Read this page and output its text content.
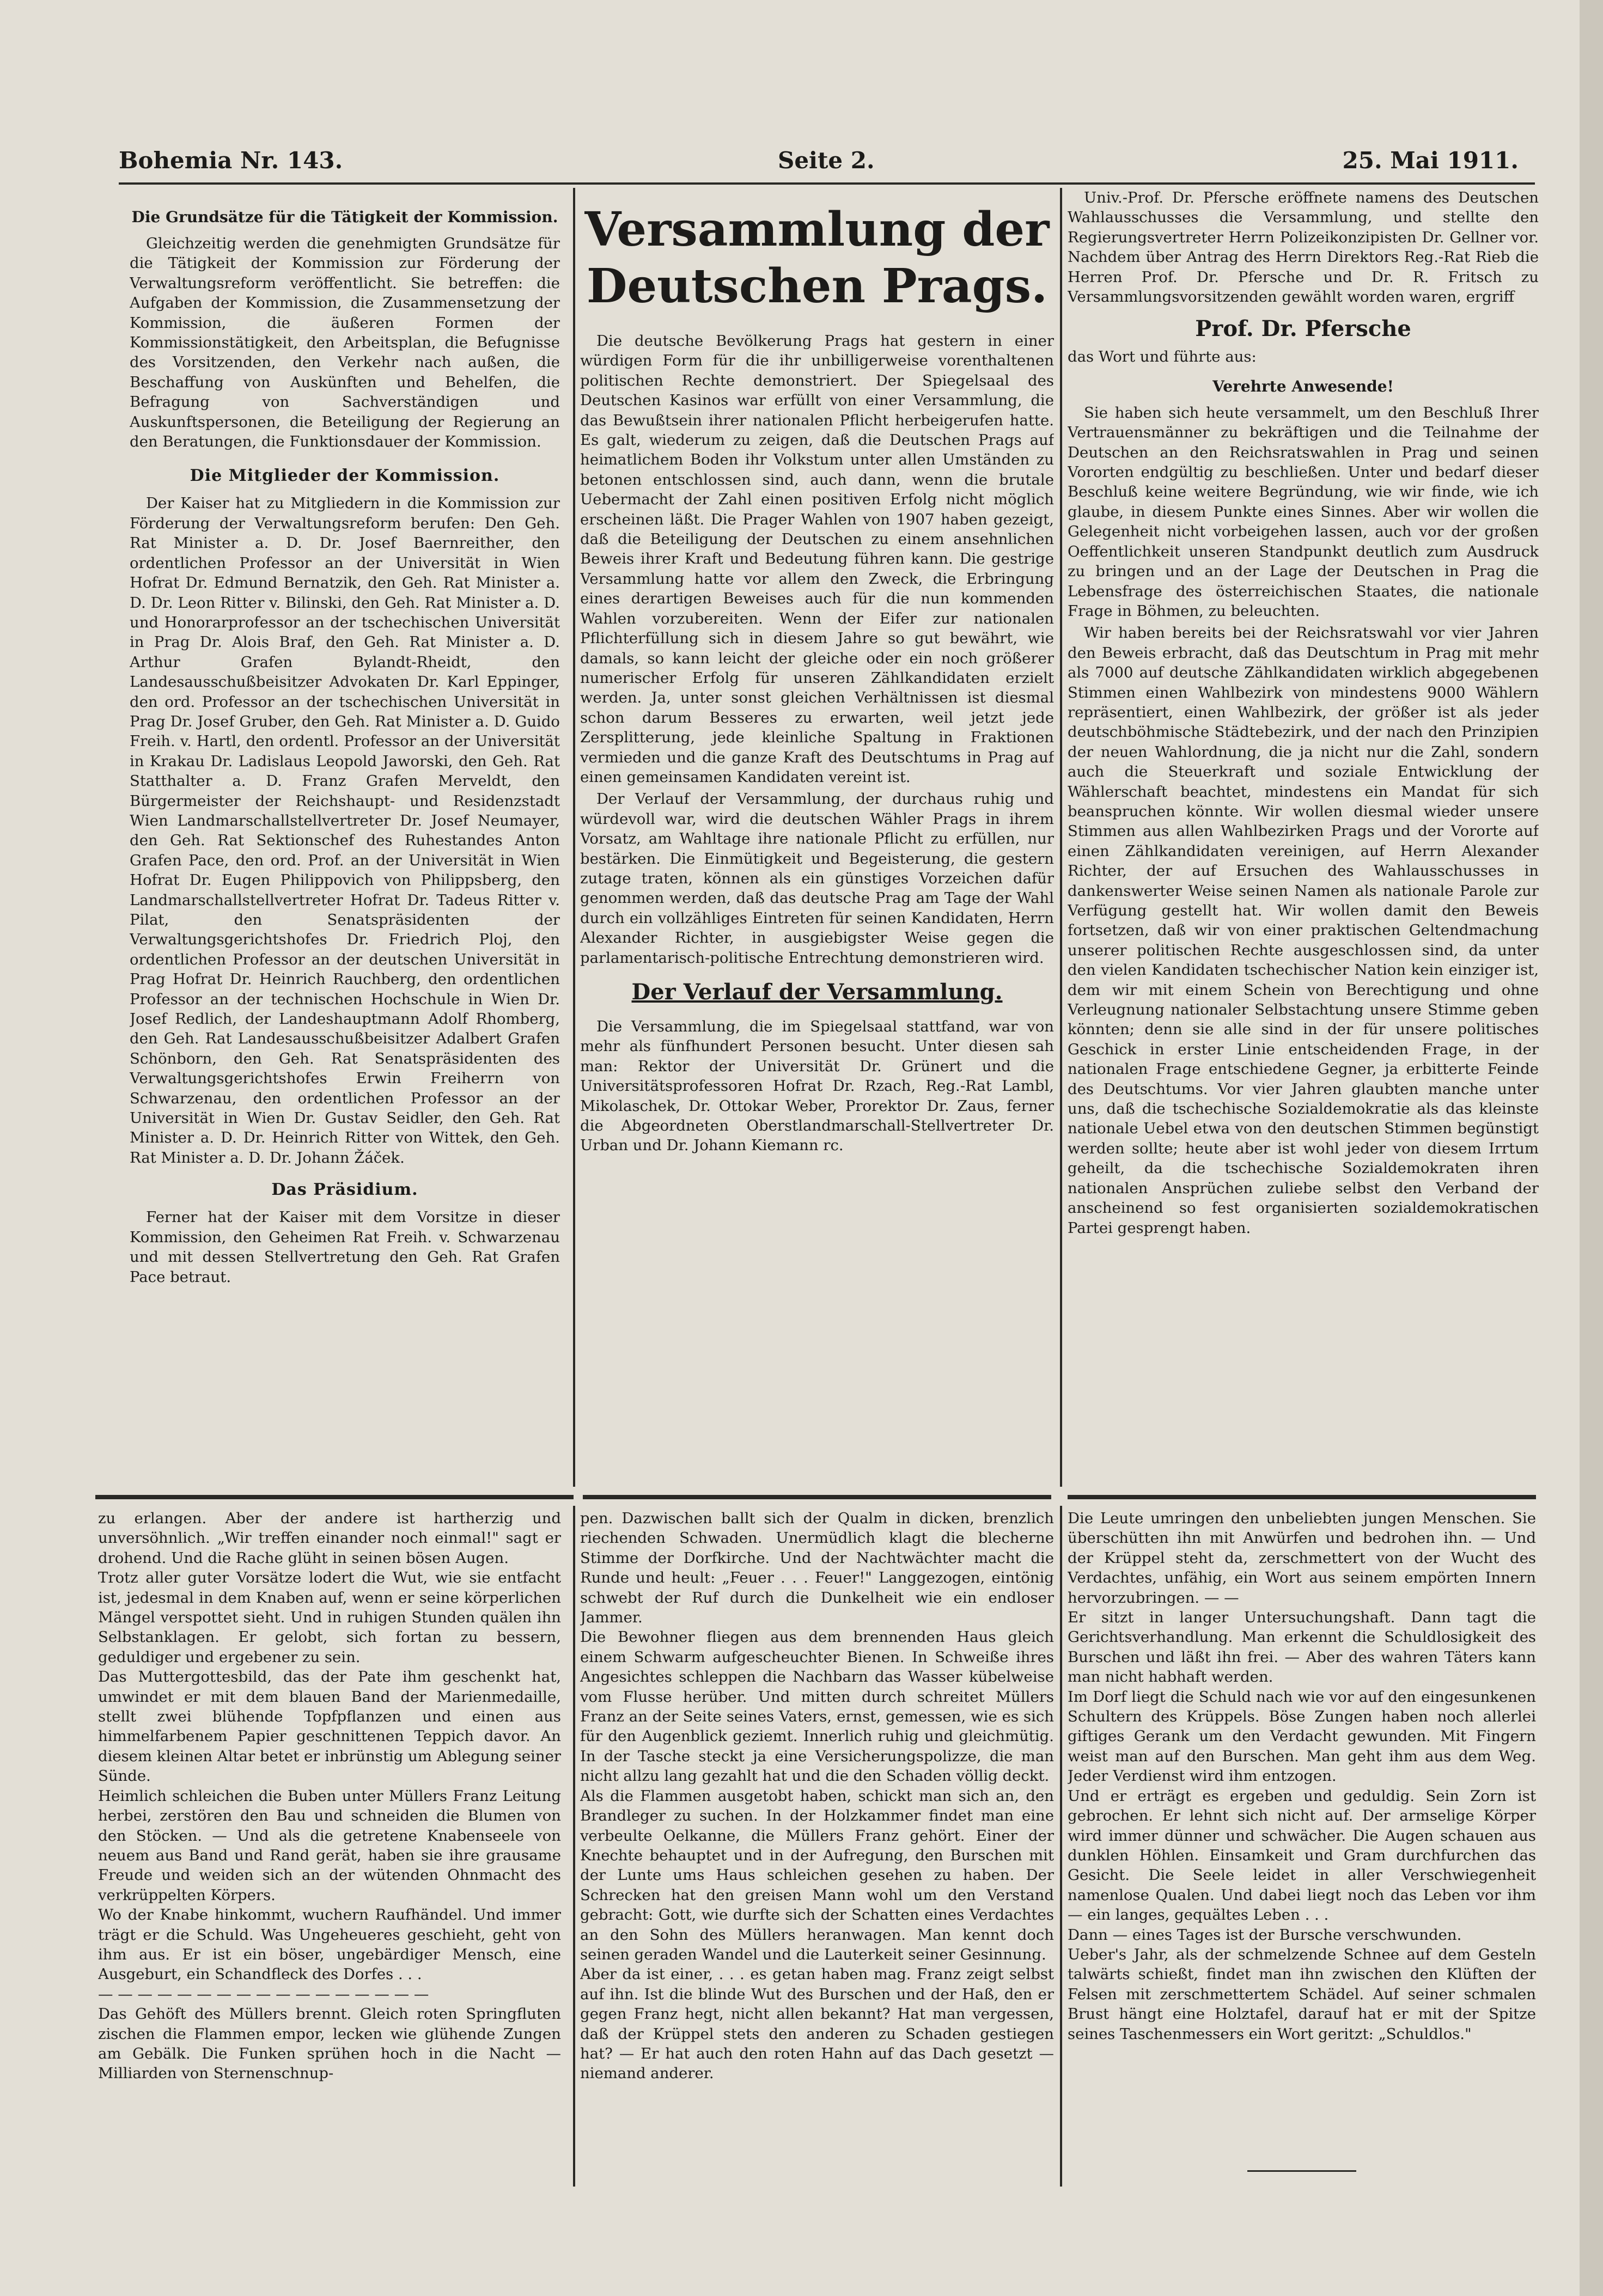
Bohemia Nr. 143.	Seite 2.	25. Mai 1911.
Die Grundsätze für die Tätigkeit der Kommission.

Gleichzeitig werden die genehmigten Grundsätze für die Tätigkeit der Kommission zur Förderung der Verwaltungsreform veröffentlicht. Sie betreffen: die Aufgaben der Kommission, die Zusammensetzung der Kommission, die äußeren Formen der Kommissionstätigkeit, den Arbeitsplan, die Befugnisse des Vorsitzenden, den Verkehr nach außen, die Beschaffung von Auskünften und Behelfen, die Befragung von Sachverständigen und Auskunftspersonen, die Beteiligung der Regierung an den Beratungen, die Funktionsdauer der Kommission.

Die Mitglieder der Kommission.

Der Kaiser hat zu Mitgliedern in die Kommission zur Förderung der Verwaltungsreform berufen: Den Geh. Rat Minister a. D. Dr. Josef Baernreither, den ordentlichen Professor an der Universität in Wien Hofrat Dr. Edmund Bernatzik, den Geh. Rat Minister a. D. Dr. Leon Ritter v. Bilinski, den Geh. Rat Minister a. D. und Honorarprofessor an der tschechischen Universität in Prag Dr. Alois Braf, den Geh. Rat Minister a. D. Arthur Grafen Bylandt-Rheidt, den Landesausschußbeisitzer Advokaten Dr. Karl Eppinger, den ord. Professor an der tschechischen Universität in Prag Dr. Josef Gruber, den Geh. Rat Minister a. D. Guido Freih. v. Hartl, den ordentl. Professor an der Universität in Krakau Dr. Ladislaus Leopold Jaworski, den Geh. Rat Statthalter a. D. Franz Grafen Merveldt, den Bürgermeister der Reichshaupt- und Residenzstadt Wien Landmarschallstellvertreter Dr. Josef Neumayer, den Geh. Rat Sektionschef des Ruhestandes Anton Grafen Pace, den ord. Prof. an der Universität in Wien Hofrat Dr. Eugen Philippovich von Philippsberg, den Landmarschallstellvertreter Hofrat Dr. Tadeus Ritter v. Pilat, den Senatspräsidenten der Verwaltungsgerichtshofes Dr. Friedrich Ploj, den ordentlichen Professor an der deutschen Universität in Prag Hofrat Dr. Heinrich Rauchberg, den ordentlichen Professor an der technischen Hochschule in Wien Dr. Josef Redlich, der Landeshauptmann Adolf Rhomberg, den Geh. Rat Landesausschußbeisitzer Adalbert Grafen Schönborn, den Geh. Rat Senatspräsidenten des Verwaltungsgerichtshofes Erwin Freiherrn von Schwarzenau, den ordentlichen Professor an der Universität in Wien Dr. Gustav Seidler, den Geh. Rat Minister a. D. Dr. Heinrich Ritter von Wittek, den Geh. Rat Minister a. D. Dr. Johann Žáček.

Das Präsidium.

Ferner hat der Kaiser mit dem Vorsitze in dieser Kommission, den Geheimen Rat Freih. v. Schwarzenau und mit dessen Stellvertretung den Geh. Rat Grafen Pace betraut.

Versammlung der Deutschen Prags.

Die deutsche Bevölkerung Prags hat gestern in einer würdigen Form für die ihr unbilligerweise vorenthaltenen politischen Rechte demonstriert. Der Spiegelsaal des Deutschen Kasinos war erfüllt von einer Versammlung, die das Bewußtsein ihrer nationalen Pflicht herbeigerufen hatte. Es galt, wiederum zu zeigen, daß die Deutschen Prags auf heimatlichem Boden ihr Volkstum unter allen Umständen zu betonen entschlossen sind, auch dann, wenn die brutale Uebermacht der Zahl einen positiven Erfolg nicht möglich erscheinen läßt. Die Prager Wahlen von 1907 haben gezeigt, daß die Beteiligung der Deutschen zu einem ansehnlichen Beweis ihrer Kraft und Bedeutung führen kann. Die gestrige Versammlung hatte vor allem den Zweck, die Erbringung eines derartigen Beweises auch für die nun kommenden Wahlen vorzubereiten. Wenn der Eifer zur nationalen Pflichterfüllung sich in diesem Jahre so gut bewährt, wie damals, so kann leicht der gleiche oder ein noch größerer numerischer Erfolg für unseren Zählkandidaten erzielt werden. Ja, unter sonst gleichen Verhältnissen ist diesmal schon darum Besseres zu erwarten, weil jetzt jede Zersplitterung, jede kleinliche Spaltung in Fraktionen vermieden und die ganze Kraft des Deutschtums in Prag auf einen gemeinsamen Kandidaten vereint ist.

Der Verlauf der Versammlung, der durchaus ruhig und würdevoll war, wird die deutschen Wähler Prags in ihrem Vorsatz, am Wahltage ihre nationale Pflicht zu erfüllen, nur bestärken. Die Einmütigkeit und Begeisterung, die gestern zutage traten, können als ein günstiges Vorzeichen dafür genommen werden, daß das deutsche Prag am Tage der Wahl durch ein vollzähliges Eintreten für seinen Kandidaten, Herrn Alexander Richter, in ausgiebigster Weise gegen die parlamentarisch-politische Entrechtung demonstrieren wird.

Der Verlauf der Versammlung.

Die Versammlung, die im Spiegelsaal stattfand, war von mehr als fünfhundert Personen besucht. Unter diesen sah man: Rektor der Universität Dr. Grünert und die Universitätsprofessoren Hofrat Dr. Rzach, Reg.-Rat Lambl, Mikolaschek, Dr. Ottokar Weber, Prorektor Dr. Zaus, ferner die Abgeordneten Oberstlandmarschall-Stellvertreter Dr. Urban und Dr. Johann Kiemann rc.

Univ.-Prof. Dr. Pfersche eröffnete namens des Deutschen Wahlausschusses die Versammlung, und stellte den Regierungsvertreter Herrn Polizeikonzipisten Dr. Gellner vor. Nachdem über Antrag des Herrn Direktors Reg.-Rat Rieb die Herren Prof. Dr. Pfersche und Dr. R. Fritsch zu Versammlungsvorsitzenden gewählt worden waren, ergriff

Prof. Dr. Pfersche

das Wort und führte aus:

Verehrte Anwesende!

Sie haben sich heute versammelt, um den Beschluß Ihrer Vertrauensmänner zu bekräftigen und die Teilnahme der Deutschen an den Reichsratswahlen in Prag und seinen Vororten endgültig zu beschließen. Unter und bedarf dieser Beschluß keine weitere Begründung, wie wir finde, wie ich glaube, in diesem Punkte eines Sinnes. Aber wir wollen die Gelegenheit nicht vorbeigehen lassen, auch vor der großen Oeffentlichkeit unseren Standpunkt deutlich zum Ausdruck zu bringen und an der Lage der Deutschen in Prag die Lebensfrage des österreichischen Staates, die nationale Frage in Böhmen, zu beleuchten.

Wir haben bereits bei der Reichsratswahl vor vier Jahren den Beweis erbracht, daß das Deutschtum in Prag mit mehr als 7000 auf deutsche Zählkandidaten wirklich abgegebenen Stimmen einen Wahlbezirk von mindestens 9000 Wählern repräsentiert, einen Wahlbezirk, der größer ist als jeder deutschböhmische Städtebezirk, und der nach den Prinzipien der neuen Wahlordnung, die ja nicht nur die Zahl, sondern auch die Steuerkraft und soziale Entwicklung der Wählerschaft beachtet, mindestens ein Mandat für sich beanspruchen könnte. Wir wollen diesmal wieder unsere Stimmen aus allen Wahlbezirken Prags und der Vororte auf einen Zählkandidaten vereinigen, auf Herrn Alexander Richter, der auf Ersuchen des Wahlausschusses in dankenswerter Weise seinen Namen als nationale Parole zur Verfügung gestellt hat. Wir wollen damit den Beweis fortsetzen, daß wir von einer praktischen Geltendmachung unserer politischen Rechte ausgeschlossen sind, da unter den vielen Kandidaten tschechischer Nation kein einziger ist, dem wir mit einem Schein von Berechtigung und ohne Verleugnung nationaler Selbstachtung unsere Stimme geben könnten; denn sie alle sind in der für unsere politisches Geschick in erster Linie entscheidenden Frage, in der nationalen Frage entschiedene Gegner, ja erbitterte Feinde des Deutschtums. Vor vier Jahren glaubten manche unter uns, daß die tschechische Sozialdemokratie als das kleinste nationale Uebel etwa von den deutschen Stimmen begünstigt werden sollte; heute aber ist wohl jeder von diesem Irrtum geheilt, da die tschechische Sozialdemokraten ihren nationalen Ansprüchen zuliebe selbst den Verband der anscheinend so fest organisierten sozialdemokratischen Partei gesprengt haben.

zu erlangen. Aber der andere ist hartherzig und unversöhnlich. „Wir treffen einander noch einmal!" sagt er drohend. Und die Rache glüht in seinen bösen Augen.
Trotz aller guter Vorsätze lodert die Wut, wie sie entfacht ist, jedesmal in dem Knaben auf, wenn er seine körperlichen Mängel verspottet sieht. Und in ruhigen Stunden quälen ihn Selbstanklagen. Er gelobt, sich fortan zu bessern, geduldiger und ergebener zu sein.
Das Muttergottesbild, das der Pate ihm geschenkt hat, umwindet er mit dem blauen Band der Marienmedaille, stellt zwei blühende Topfpflanzen und einen aus himmelfarbenem Papier geschnittenen Teppich davor. An diesem kleinen Altar betet er inbrünstig um Ablegung seiner Sünde.
Heimlich schleichen die Buben unter Müllers Franz Leitung herbei, zerstören den Bau und schneiden die Blumen von den Stöcken. — Und als die getretene Knabenseele von neuem aus Band und Rand gerät, haben sie ihre grausame Freude und weiden sich an der wütenden Ohnmacht des verkrüppelten Körpers.
Wo der Knabe hinkommt, wuchern Raufhändel. Und immer trägt er die Schuld. Was Ungeheueres geschieht, geht von ihm aus. Er ist ein böser, ungebärdiger Mensch, eine Ausgeburt, ein Schandfleck des Dorfes . . .
— — — — — — — — — — — — — — — — —
Das Gehöft des Müllers brennt. Gleich roten Springfluten zischen die Flammen empor, lecken wie glühende Zungen am Gebälk. Die Funken sprühen hoch in die Nacht — Milliarden von Sternenschnup-
pen. Dazwischen ballt sich der Qualm in dicken, brenzlich riechenden Schwaden. Unermüdlich klagt die blecherne Stimme der Dorfkirche. Und der Nachtwächter macht die Runde und heult: „Feuer . . . Feuer!" Langgezogen, eintönig schwebt der Ruf durch die Dunkelheit wie ein endloser Jammer.
Die Bewohner fliegen aus dem brennenden Haus gleich einem Schwarm aufgescheuchter Bienen. In Schweiße ihres Angesichtes schleppen die Nachbarn das Wasser kübelweise vom Flusse herüber. Und mitten durch schreitet Müllers Franz an der Seite seines Vaters, ernst, gemessen, wie es sich für den Augenblick geziemt. Innerlich ruhig und gleichmütig. In der Tasche steckt ja eine Versicherungspolizze, die man nicht allzu lang gezahlt hat und die den Schaden völlig deckt.
Als die Flammen ausgetobt haben, schickt man sich an, den Brandleger zu suchen. In der Holzkammer findet man eine verbeulte Oelkanne, die Müllers Franz gehört. Einer der Knechte behauptet und in der Aufregung, den Burschen mit der Lunte ums Haus schleichen gesehen zu haben. Der Schrecken hat den greisen Mann wohl um den Verstand gebracht: Gott, wie durfte sich der Schatten eines Verdachtes an den Sohn des Müllers heranwagen. Man kennt doch seinen geraden Wandel und die Lauterkeit seiner Gesinnung.
Aber da ist einer, . . . es getan haben mag. Franz zeigt selbst auf ihn. Ist die blinde Wut des Burschen und der Haß, den er gegen Franz hegt, nicht allen bekannt? Hat man vergessen, daß der Krüppel stets den anderen zu Schaden gestiegen hat? — Er hat auch den roten Hahn auf das Dach gesetzt — niemand anderer.
Die Leute umringen den unbeliebten jungen Menschen. Sie überschütten ihn mit Anwürfen und bedrohen ihn. — Und der Krüppel steht da, zerschmettert von der Wucht des Verdachtes, unfähig, ein Wort aus seinem empörten Innern hervorzubringen. — —
Er sitzt in langer Untersuchungshaft. Dann tagt die Gerichtsverhandlung. Man erkennt die Schuldlosigkeit des Burschen und läßt ihn frei. — Aber des wahren Täters kann man nicht habhaft werden.
Im Dorf liegt die Schuld nach wie vor auf den eingesunkenen Schultern des Krüppels. Böse Zungen haben noch allerlei giftiges Gerank um den Verdacht gewunden. Mit Fingern weist man auf den Burschen. Man geht ihm aus dem Weg. Jeder Verdienst wird ihm entzogen.
Und er erträgt es ergeben und geduldig. Sein Zorn ist gebrochen. Er lehnt sich nicht auf. Der armselige Körper wird immer dünner und schwächer. Die Augen schauen aus dunklen Höhlen. Einsamkeit und Gram durchfurchen das Gesicht. Die Seele leidet in aller Verschwiegenheit namenlose Qualen. Und dabei liegt noch das Leben vor ihm — ein langes, gequältes Leben . . .
Dann — eines Tages ist der Bursche verschwunden.
Ueber's Jahr, als der schmelzende Schnee auf dem Gesteln talwärts schießt, findet man ihn zwischen den Klüften der Felsen mit zerschmettertem Schädel. Auf seiner schmalen Brust hängt eine Holztafel, darauf hat er mit der Spitze seines Taschenmessers ein Wort geritzt: „Schuldlos."
